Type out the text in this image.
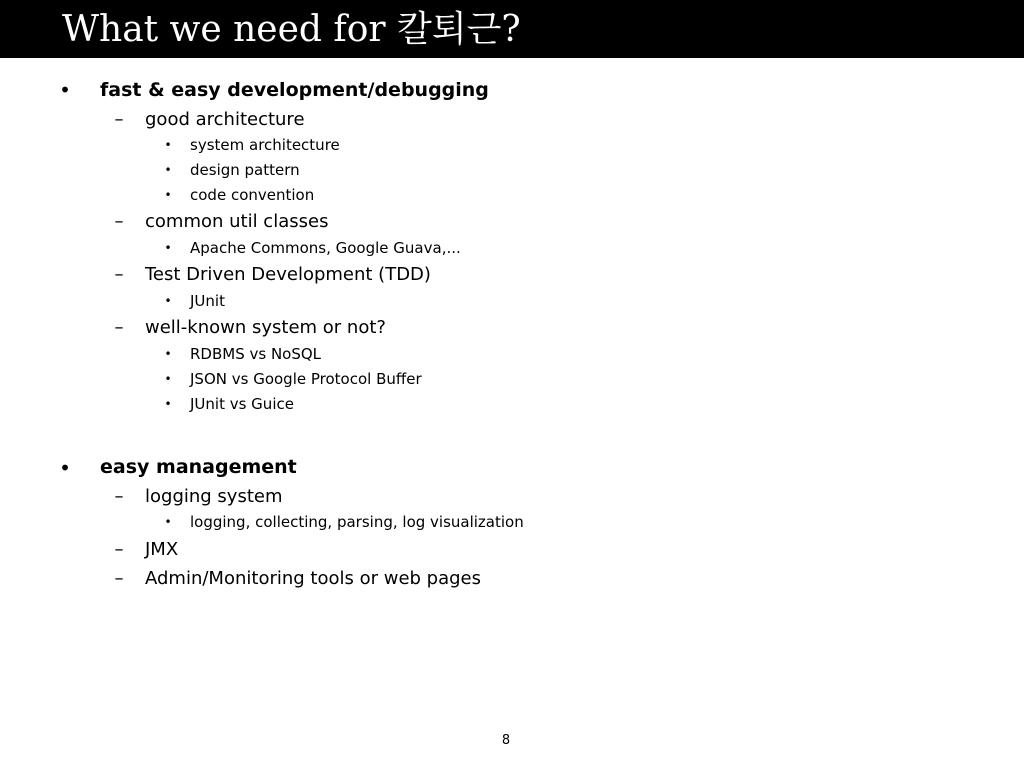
What we need for 칼퇴근?
• fast & easy development/debugging
– good architecture
• system architecture
• design pattern
• code convention
– common util classes
• Apache Commons, Google Guava,...
– Test Driven Development (TDD)
• JUnit
– well-known system or not?
• RDBMS vs NoSQL
• JSON vs Google Protocol Buffer
• JUnit vs Guice
• easy management
– logging system
• logging, collecting, parsing, log visualization
– JMX
– Admin/Monitoring tools or web pages
8
